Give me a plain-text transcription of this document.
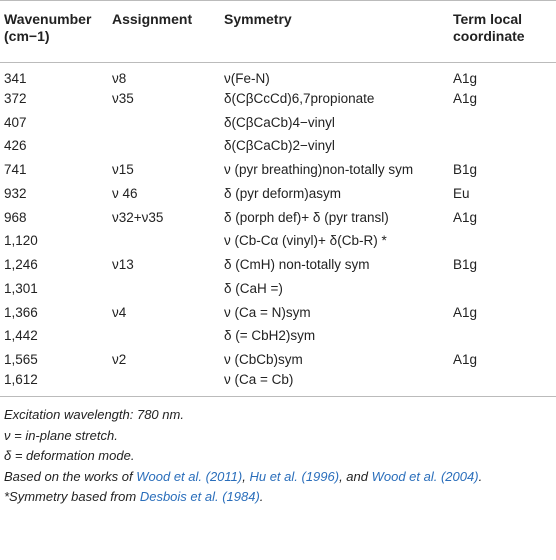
Wavenumber (cm−1)	Assignment	Symmetry	Term local coordinate
341	ν8	ν(Fe-N)	A1g
372	ν35	δ(CβCcCd)6,7propionate	A1g
407		δ(CβCaCb)4−vinyl	
426		δ(CβCaCb)2−vinyl	
741	ν15	ν (pyr breathing)non-totally sym	B1g
932	ν 46	δ (pyr deform)asym	Eu
968	ν32+ν35	δ (porph def)+ δ (pyr transl)	A1g
1,120		ν (Cb-Cα (vinyl)+ δ(Cb-R) *	
1,246	ν13	δ (CmH) non-totally sym	B1g
1,301		δ (CaH =)	
1,366	ν4	ν (Ca = N)sym	A1g
1,442		δ (= CbH2)sym	
1,565	ν2	ν (CbCb)sym	A1g
1,612		ν (Ca = Cb)	
Excitation wavelength: 780 nm.
ν = in-plane stretch.
δ = deformation mode.
Based on the works of Wood et al. (2011), Hu et al. (1996), and Wood et al. (2004).
*Symmetry based from Desbois et al. (1984).
